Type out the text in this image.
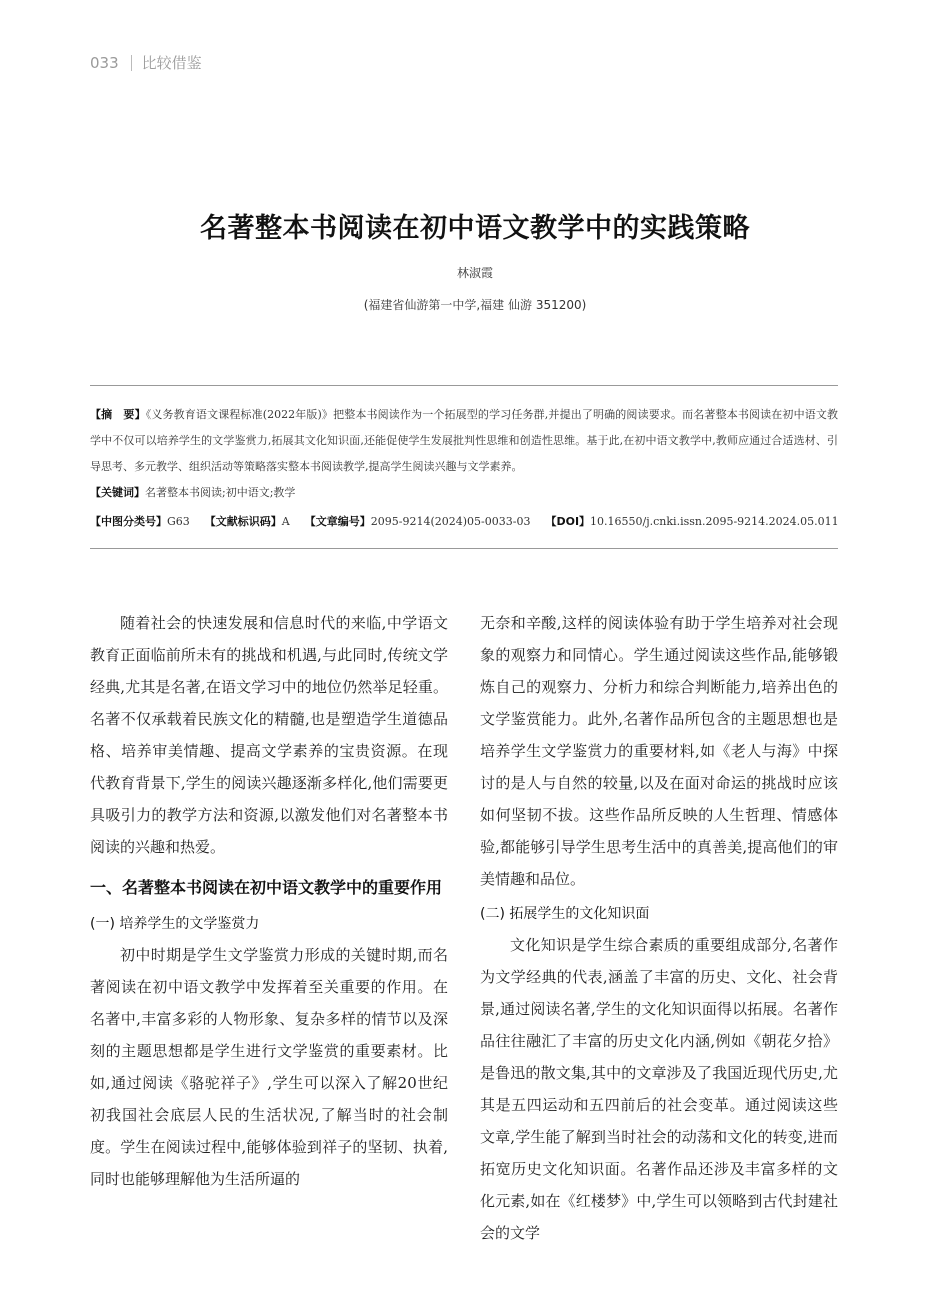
033 比较借鉴
名著整本书阅读在初中语文教学中的实践策略
林淑霞
(福建省仙游第一中学,福建 仙游 351200)
【摘　要】《义务教育语文课程标准(2022年版)》把整本书阅读作为一个拓展型的学习任务群,并提出了明确的阅读要求。而名著整本书阅读在初中语文教学中不仅可以培养学生的文学鉴赏力,拓展其文化知识面,还能促使学生发展批判性思维和创造性思维。基于此,在初中语文教学中,教师应通过合适选材、引导思考、多元教学、组织活动等策略落实整本书阅读教学,提高学生阅读兴趣与文学素养。
【关键词】名著整本书阅读;初中语文;教学
【中图分类号】G63 【文献标识码】A 【文章编号】2095-9214(2024)05-0033-03 【DOI】10.16550/j.cnki.issn.2095-9214.2024.05.011

随着社会的快速发展和信息时代的来临,中学语文教育正面临前所未有的挑战和机遇,与此同时,传统文学经典,尤其是名著,在语文学习中的地位仍然举足轻重。名著不仅承载着民族文化的精髓,也是塑造学生道德品格、培养审美情趣、提高文学素养的宝贵资源。在现代教育背景下,学生的阅读兴趣逐渐多样化,他们需要更具吸引力的教学方法和资源,以激发他们对名著整本书阅读的兴趣和热爱。

一、名著整本书阅读在初中语文教学中的重要作用
(一) 培养学生的文学鉴赏力

初中时期是学生文学鉴赏力形成的关键时期,而名著阅读在初中语文教学中发挥着至关重要的作用。在名著中,丰富多彩的人物形象、复杂多样的情节以及深刻的主题思想都是学生进行文学鉴赏的重要素材。比如,通过阅读《骆驼祥子》,学生可以深入了解20世纪初我国社会底层人民的生活状况,了解当时的社会制度。学生在阅读过程中,能够体验到祥子的坚韧、执着,同时也能够理解他为生活所逼的

无奈和辛酸,这样的阅读体验有助于学生培养对社会现象的观察力和同情心。学生通过阅读这些作品,能够锻炼自己的观察力、分析力和综合判断能力,培养出色的文学鉴赏能力。此外,名著作品所包含的主题思想也是培养学生文学鉴赏力的重要材料,如《老人与海》中探讨的是人与自然的较量,以及在面对命运的挑战时应该如何坚韧不拔。这些作品所反映的人生哲理、情感体验,都能够引导学生思考生活中的真善美,提高他们的审美情趣和品位。

(二) 拓展学生的文化知识面

文化知识是学生综合素质的重要组成部分,名著作为文学经典的代表,涵盖了丰富的历史、文化、社会背景,通过阅读名著,学生的文化知识面得以拓展。名著作品往往融汇了丰富的历史文化内涵,例如《朝花夕拾》是鲁迅的散文集,其中的文章涉及了我国近现代历史,尤其是五四运动和五四前后的社会变革。通过阅读这些文章,学生能了解到当时社会的动荡和文化的转变,进而拓宽历史文化知识面。名著作品还涉及丰富多样的文化元素,如在《红楼梦》中,学生可以领略到古代封建社会的文学
